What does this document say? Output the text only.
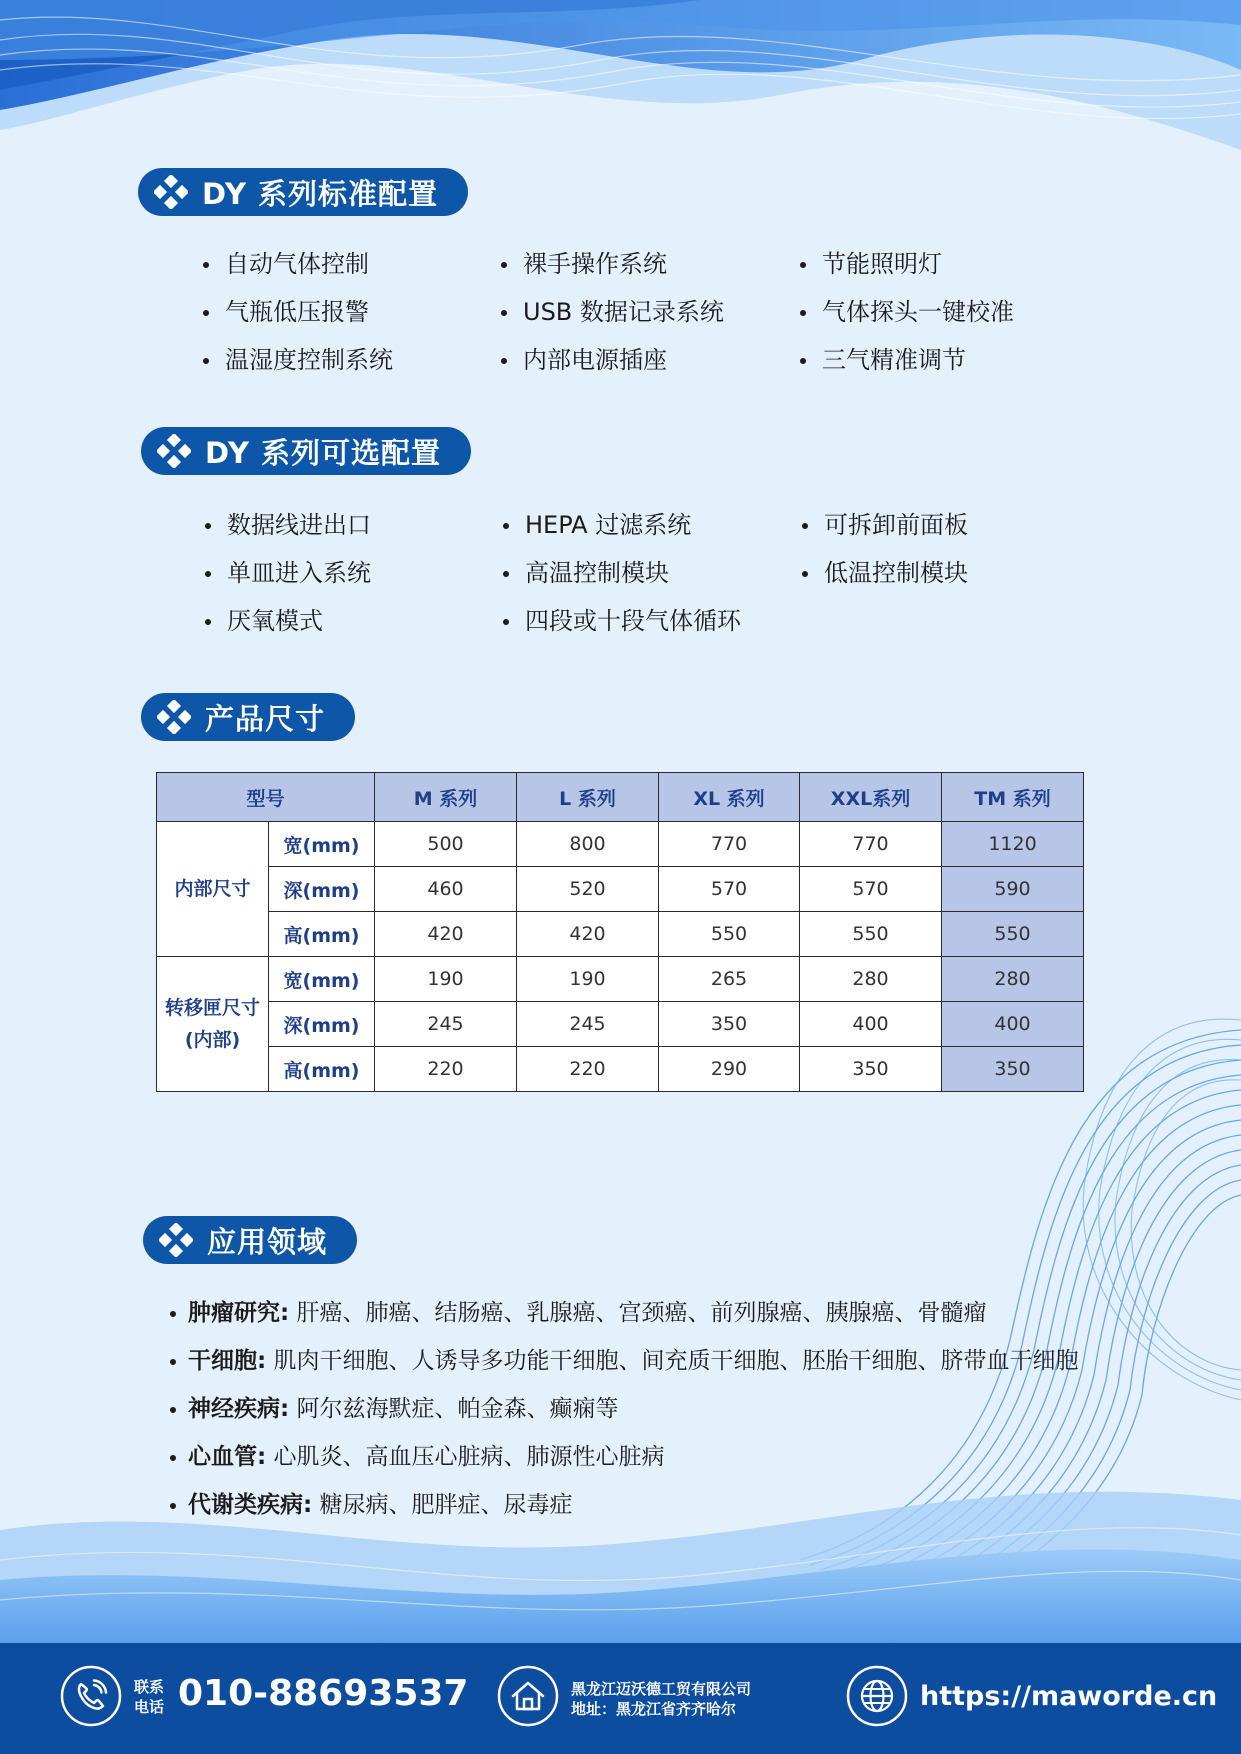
DY 系列标准配置
自动气体控制
气瓶低压报警
温湿度控制系统
裸手操作系统
USB 数据记录系统
内部电源插座
节能照明灯
气体探头一键校准
三气精准调节
DY 系列可选配置
数据线进出口
单皿进入系统
厌氧模式
HEPA 过滤系统
高温控制模块
四段或十段气体循环
可拆卸前面板
低温控制模块
产品尺寸
型号		M 系列	L 系列	XL 系列	XXL系列	TM 系列

内部尺寸	宽(mm)	500	800	770	770	1120
	深(mm)	460	520	570	570	590
	高(mm)	420	420	550	550	550

转移匣尺寸
(内部)	宽(mm)	190	190	265	280	280
	深(mm)	245	245	350	400	400
	高(mm)	220	220	290	350	350
应用领域
肿瘤研究: 肝癌、肺癌、结肠癌、乳腺癌、宫颈癌、前列腺癌、胰腺癌、骨髓瘤
干细胞: 肌肉干细胞、人诱导多功能干细胞、间充质干细胞、胚胎干细胞、脐带血干细胞
神经疾病: 阿尔兹海默症、帕金森、癫痫等
心血管: 心肌炎、高血压心脏病、肺源性心脏病
代谢类疾病: 糖尿病、肥胖症、尿毒症
联系
电话 010-88693537	黑龙江迈沃德工贸有限公司
地址：黑龙江省齐齐哈尔	https://maworde.cn
